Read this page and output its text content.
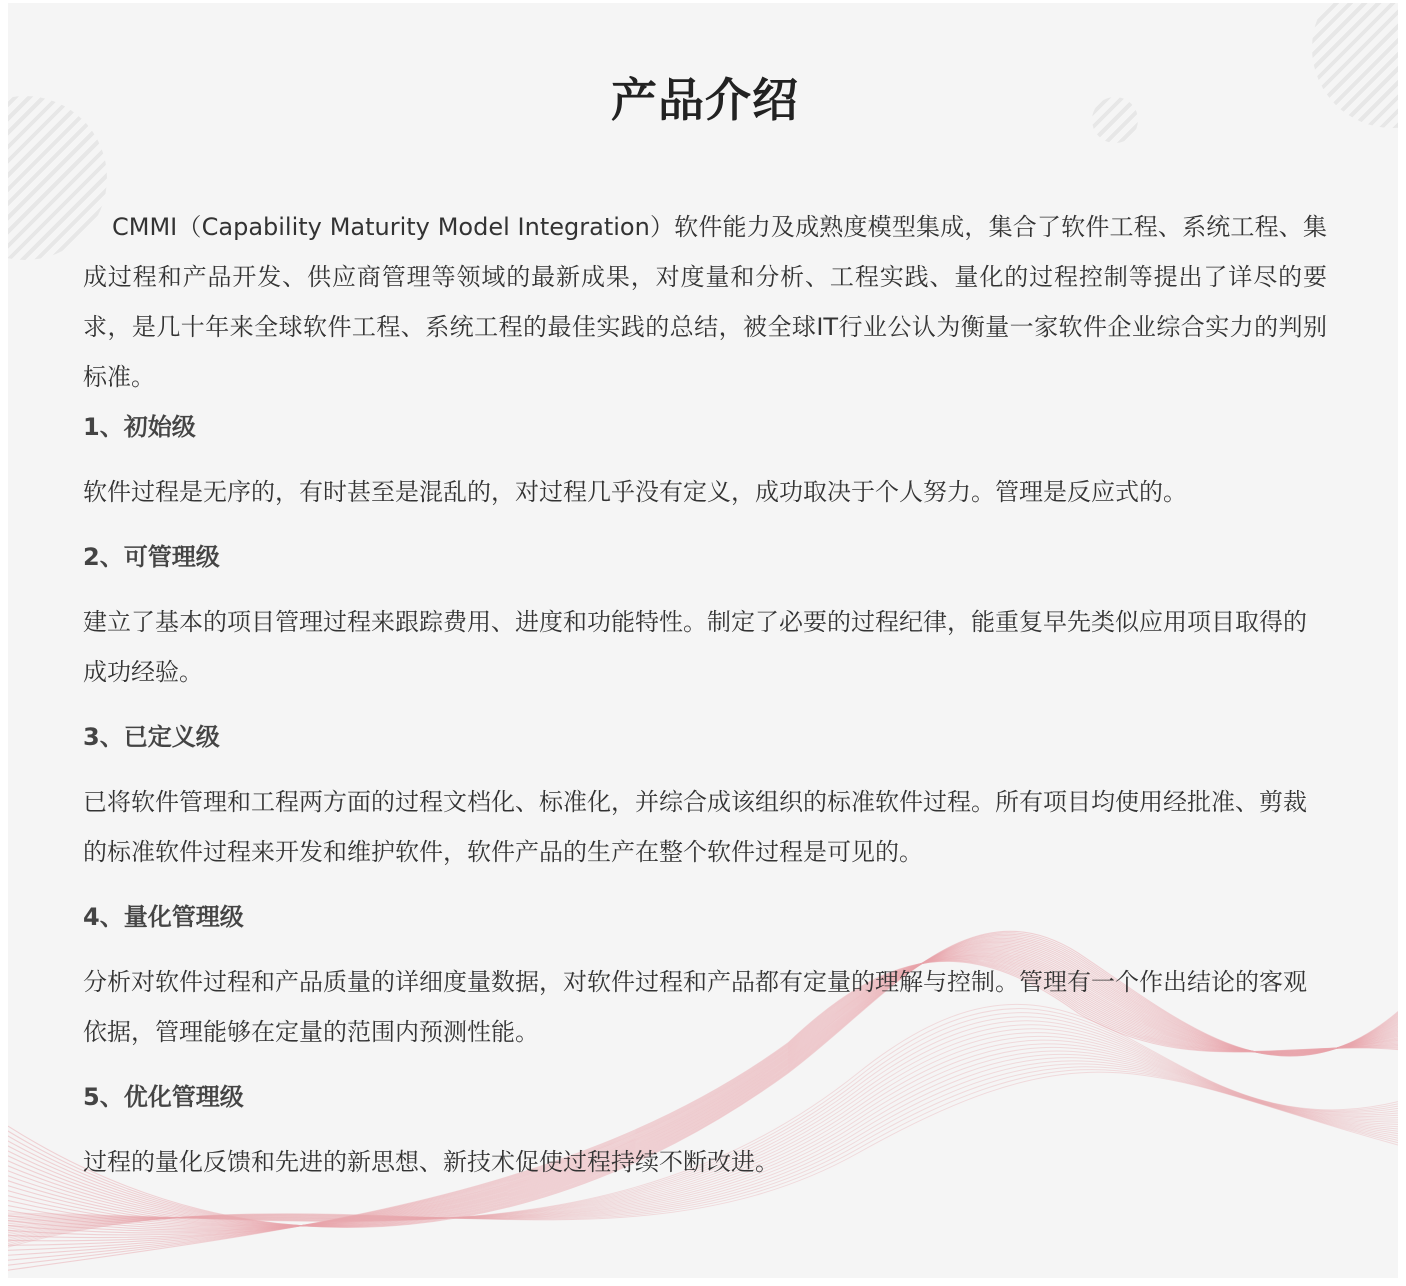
产品介绍

CMMI（Capability Maturity Model Integration）软件能力及成熟度模型集成，集合了软件工程、系统工程、集成过程和产品开发、供应商管理等领域的最新成果，对度量和分析、工程实践、量化的过程控制等提出了详尽的要求，是几十年来全球软件工程、系统工程的最佳实践的总结，被全球IT行业公认为衡量一家软件企业综合实力的判别标准。

1、初始级

软件过程是无序的，有时甚至是混乱的，对过程几乎没有定义，成功取决于个人努力。管理是反应式的。

2、可管理级

建立了基本的项目管理过程来跟踪费用、进度和功能特性。制定了必要的过程纪律，能重复早先类似应用项目取得的成功经验。

3、已定义级

已将软件管理和工程两方面的过程文档化、标准化，并综合成该组织的标准软件过程。所有项目均使用经批准、剪裁的标准软件过程来开发和维护软件，软件产品的生产在整个软件过程是可见的。

4、量化管理级

分析对软件过程和产品质量的详细度量数据，对软件过程和产品都有定量的理解与控制。管理有一个作出结论的客观依据，管理能够在定量的范围内预测性能。

5、优化管理级

过程的量化反馈和先进的新思想、新技术促使过程持续不断改进。
